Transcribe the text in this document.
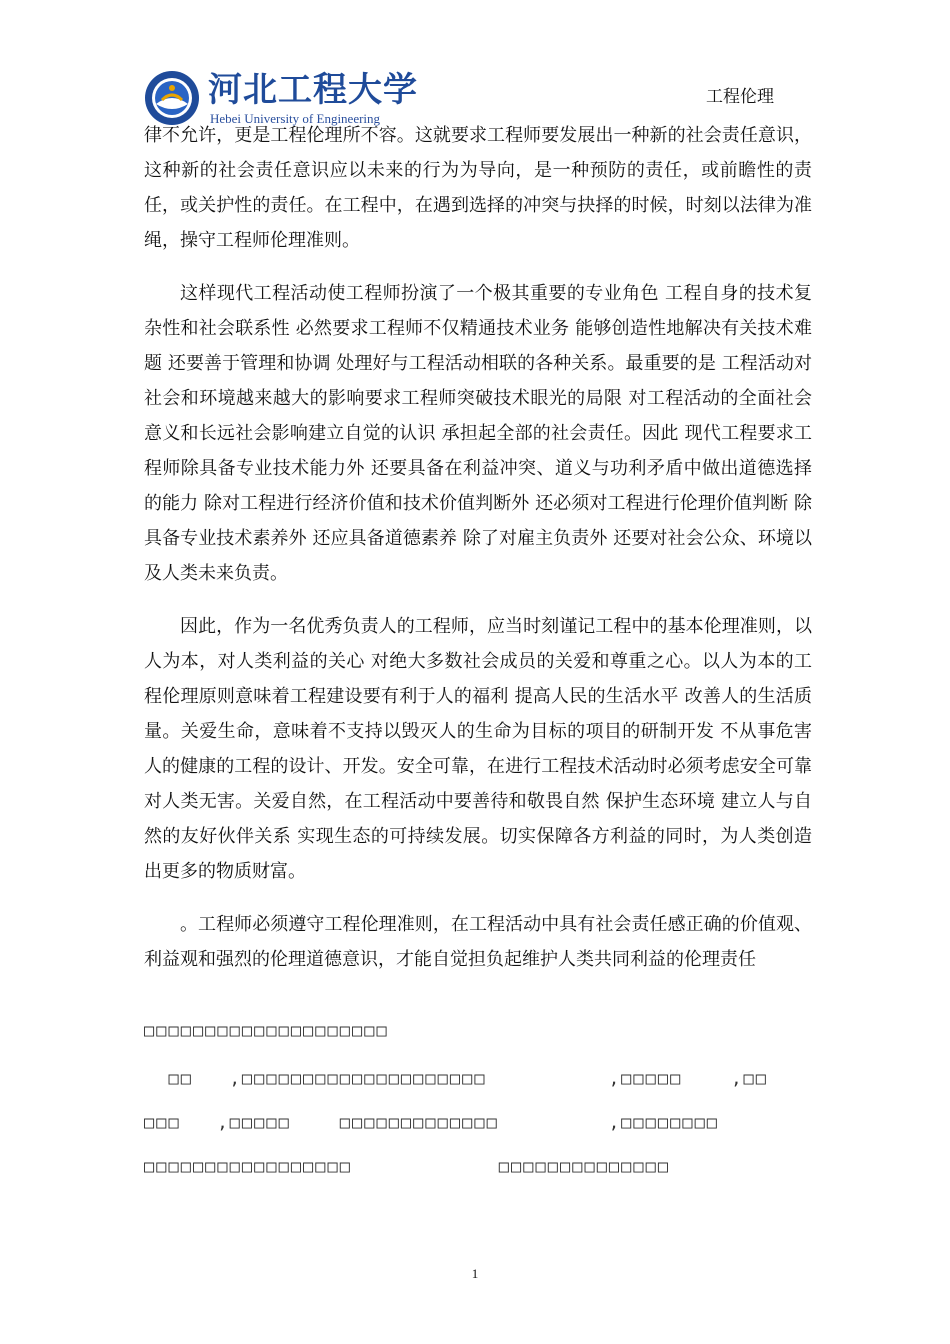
河北工程大学
Hebei University of Engineering
工程伦理

律不允许，更是工程伦理所不容。这就要求工程师要发展出一种新的社会责任意识，这种新的社会责任意识应以未来的行为为导向，是一种预防的责任，或前瞻性的责任，或关护性的责任。在工程中，在遇到选择的冲突与抉择的时候，时刻以法律为准绳，操守工程师伦理准则。

这样现代工程活动使工程师扮演了一个极其重要的专业角色 工程自身的技术复杂性和社会联系性 必然要求工程师不仅精通技术业务 能够创造性地解决有关技术难题 还要善于管理和协调 处理好与工程活动相联的各种关系。最重要的是 工程活动对社会和环境越来越大的影响要求工程师突破技术眼光的局限 对工程活动的全面社会意义和长远社会影响建立自觉的认识 承担起全部的社会责任。因此 现代工程要求工程师除具备专业技术能力外 还要具备在利益冲突、道义与功利矛盾中做出道德选择的能力 除对工程进行经济价值和技术价值判断外 还必须对工程进行伦理价值判断 除具备专业技术素养外 还应具备道德素养 除了对雇主负责外 还要对社会公众、环境以及人类未来负责。

因此，作为一名优秀负责人的工程师，应当时刻谨记工程中的基本伦理准则，以人为本，对人类利益的关心 对绝大多数社会成员的关爱和尊重之心。以人为本的工程伦理原则意味着工程建设要有利于人的福利 提高人民的生活水平 改善人的生活质量。关爱生命，意味着不支持以毁灭人的生命为目标的项目的研制开发 不从事危害人的健康的工程的设计、开发。安全可靠，在进行工程技术活动时必须考虑安全可靠 对人类无害。关爱自然，在工程活动中要善待和敬畏自然 保护生态环境 建立人与自然的友好伙伴关系 实现生态的可持续发展。切实保障各方利益的同时，为人类创造出更多的物质财富。

。工程师必须遵守工程伦理准则，在工程活动中具有社会责任感正确的价值观、利益观和强烈的伦理道德意识，才能自觉担负起维护人类共同利益的伦理责任

□□□□□□□□□□□□□□□□□□□□
□□   ,□□□□□□□□□□□□□□□□□□□□          ,□□□□□    ,□□
□□□   ,□□□□□    □□□□□□□□□□□□□         ,□□□□□□□□
□□□□□□□□□□□□□□□□□            □□□□□□□□□□□□□□
1
